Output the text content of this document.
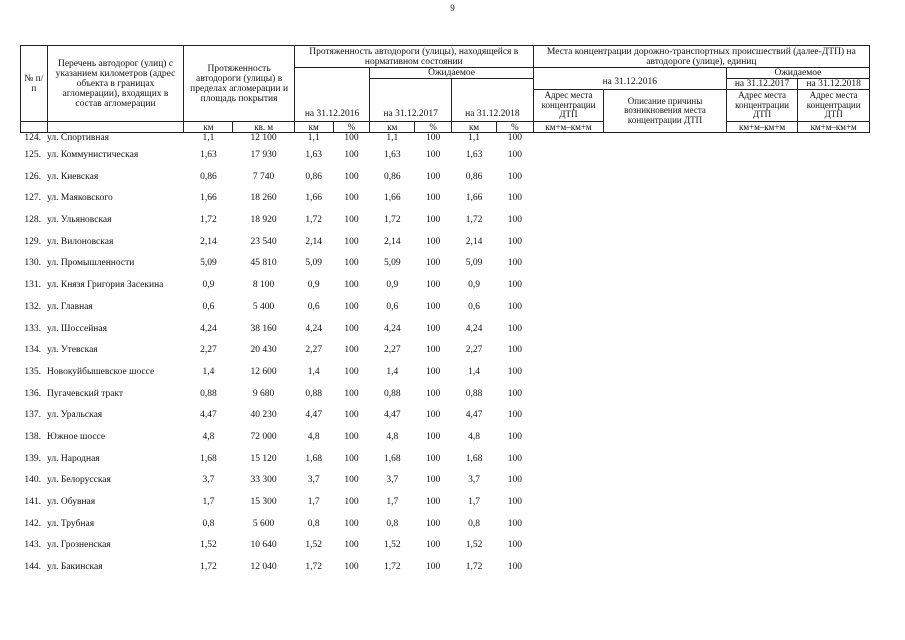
9
№ п/п	Перечень автодорог (улиц) с указанием километров (адрес объекта в границах агломерации), входящих в состав агломерации	Протяженность автодороги (улицы) в пределах агломерации и площадь покрытия		Протяженность автодороги (улицы), находящейся в нормативном состоянии						Места концентрации дорожно-транспортных происшествий (далее-ДТП) на автодороге (улице), единиц			
				на 31.12.2016		Ожидаемое				на 31.12.2016		Ожидаемое	
						на 31.12.2017		на 31.12.2018				на 31.12.2017	на 31.12.2018
										Адрес места концентрации ДТП	Описание причины возникновения места концентрации ДТП	Адрес места концентрации ДТП	Адрес места концентрации ДТП
		км	кв. м	км	%	км	%	км	%	км+м–км+м		км+м–км+м	км+м–км+м
124.	ул. Спортивная	1,1	12 100	1,1	100	1,1	100	1,1	100				
125.	ул. Коммунистическая	1,63	17 930	1,63	100	1,63	100	1,63	100				
126.	ул. Киевская	0,86	7 740	0,86	100	0,86	100	0,86	100				
127.	ул. Маяковского	1,66	18 260	1,66	100	1,66	100	1,66	100				
128.	ул. Ульяновская	1,72	18 920	1,72	100	1,72	100	1,72	100				
129.	ул. Вилоновская	2,14	23 540	2,14	100	2,14	100	2,14	100				
130.	ул. Промышленности	5,09	45 810	5,09	100	5,09	100	5,09	100				
131.	ул. Князя Григория Засекина	0,9	8 100	0,9	100	0,9	100	0,9	100				
132.	ул. Главная	0,6	5 400	0,6	100	0,6	100	0,6	100				
133.	ул. Шоссейная	4,24	38 160	4,24	100	4,24	100	4,24	100				
134.	ул. Утевская	2,27	20 430	2,27	100	2,27	100	2,27	100				
135.	Новокуйбышевское шоссе	1,4	12 600	1,4	100	1,4	100	1,4	100				
136.	Пугачевский тракт	0,88	9 680	0,88	100	0,88	100	0,88	100				
137.	ул. Уральская	4,47	40 230	4,47	100	4,47	100	4,47	100				
138.	Южное шоссе	4,8	72 000	4,8	100	4,8	100	4,8	100				
139.	ул. Народная	1,68	15 120	1,68	100	1,68	100	1,68	100				
140.	ул. Белорусская	3,7	33 300	3,7	100	3,7	100	3,7	100				
141.	ул. Обувная	1,7	15 300	1,7	100	1,7	100	1,7	100				
142.	ул. Трубная	0,8	5 600	0,8	100	0,8	100	0,8	100				
143.	ул. Грозненская	1,52	10 640	1,52	100	1,52	100	1,52	100				
144.	ул. Бакинская	1,72	12 040	1,72	100	1,72	100	1,72	100				
